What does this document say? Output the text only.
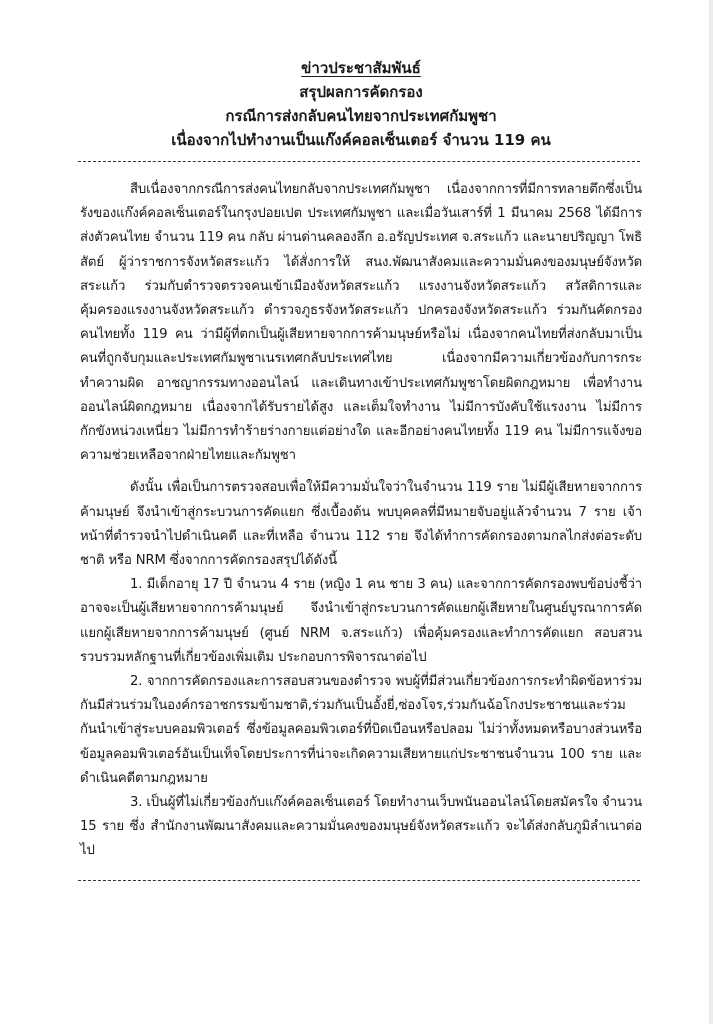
ข่าวประชาสัมพันธ์
สรุปผลการคัดกรอง
กรณีการส่งกลับคนไทยจากประเทศกัมพูชา
เนื่องจากไปทำงานเป็นแก๊งค์คอลเซ็นเตอร์ จำนวน 119 คน

สืบเนื่องจากกรณีการส่งคนไทยกลับจากประเทศกัมพูชา เนื่องจากการที่มีการทลายตึกซึ่งเป็นรังของแก๊งค์คอลเซ็นเตอร์ในกรุงปอยเปต ประเทศกัมพูชา และเมื่อวันเสาร์ที่ 1 มีนาคม 2568 ได้มีการส่งตัวคนไทย จำนวน 119 คน กลับ ผ่านด่านคลองลึก อ.อรัญประเทศ จ.สระแก้ว และนายปริญญา โพธิสัตย์ ผู้ว่าราชการจังหวัดสระแก้ว ได้สั่งการให้ สนง.พัฒนาสังคมและความมั่นคงของมนุษย์จังหวัดสระแก้ว ร่วมกับตำรวจตรวจคนเข้าเมืองจังหวัดสระแก้ว แรงงานจังหวัดสระแก้ว สวัสดิการและคุ้มครองแรงงานจังหวัดสระแก้ว ตำรวจภูธรจังหวัดสระแก้ว ปกครองจังหวัดสระแก้ว ร่วมกันคัดกรองคนไทยทั้ง 119 คน ว่ามีผู้ที่ตกเป็นผู้เสียหายจากการค้ามนุษย์หรือไม่ เนื่องจากคนไทยที่ส่งกลับมาเป็นคนที่ถูกจับกุมและประเทศกัมพูชาเนรเทศกลับประเทศไทย เนื่องจากมีความเกี่ยวข้องกับการกระทำความผิด อาชญากรรมทางออนไลน์ และเดินทางเข้าประเทศกัมพูชาโดยผิดกฎหมาย เพื่อทำงานออนไลน์ผิดกฎหมาย เนื่องจากได้รับรายได้สูง และเต็มใจทำงาน ไม่มีการบังคับใช้แรงงาน ไม่มีการกักขังหน่วงเหนี่ยว ไม่มีการทำร้ายร่างกายแต่อย่างใด และอีกอย่างคนไทยทั้ง 119 คน ไม่มีการแจ้งขอความช่วยเหลือจากฝ่ายไทยและกัมพูชา

ดังนั้น เพื่อเป็นการตรวจสอบเพื่อให้มีความมั่นใจว่าในจำนวน 119 ราย ไม่มีผู้เสียหายจากการค้ามนุษย์ จึงนำเข้าสู่กระบวนการคัดแยก ซึ่งเบื้องต้น พบบุคคลที่มีหมายจับอยู่แล้วจำนวน 7 ราย เจ้าหน้าที่ตำรวจนำไปดำเนินคดี และที่เหลือ จำนวน 112 ราย จึงได้ทำการคัดกรองตามกลไกส่งต่อระดับชาติ หรือ NRM ซึ่งจากการคัดกรองสรุปได้ดังนี้

1. มีเด็กอายุ 17 ปี จำนวน 4 ราย (หญิง 1 คน ชาย 3 คน) และจากการคัดกรองพบข้อบ่งชี้ว่าอาจจะเป็นผู้เสียหายจากการค้ามนุษย์ จึงนำเข้าสู่กระบวนการคัดแยกผู้เสียหายในศูนย์บูรณาการคัดแยกผู้เสียหายจากการค้ามนุษย์ (ศูนย์ NRM จ.สระแก้ว) เพื่อคุ้มครองและทำการคัดแยก สอบสวน รวบรวมหลักฐานที่เกี่ยวข้องเพิ่มเติม ประกอบการพิจารณาต่อไป

2. จากการคัดกรองและการสอบสวนของตำรวจ พบผู้ที่มีส่วนเกี่ยวข้องการกระทำผิดข้อหาร่วมกันมีส่วนร่วมในองค์กรอาชกรรมข้ามชาติ,ร่วมกันเป็นอั้งยี่,ซ่องโจร,ร่วมกันฉ้อโกงประชาชนและร่วมกันนำเข้าสู่ระบบคอมพิวเตอร์ ซึ่งข้อมูลคอมพิวเตอร์ที่บิดเบือนหรือปลอม ไม่ว่าทั้งหมดหรือบางส่วนหรือข้อมูลคอมพิวเตอร์อันเป็นเท็จโดยประการที่น่าจะเกิดความเสียหายแก่ประชาชนจำนวน 100 ราย และดำเนินคดีตามกฎหมาย

3. เป็นผู้ที่ไม่เกี่ยวข้องกับแก๊งค์คอลเซ็นเตอร์ โดยทำงานเว็บพนันออนไลน์โดยสมัครใจ จำนวน 15 ราย ซึ่ง สำนักงานพัฒนาสังคมและความมั่นคงของมนุษย์จังหวัดสระแก้ว จะได้ส่งกลับภูมิลำเนาต่อไป
